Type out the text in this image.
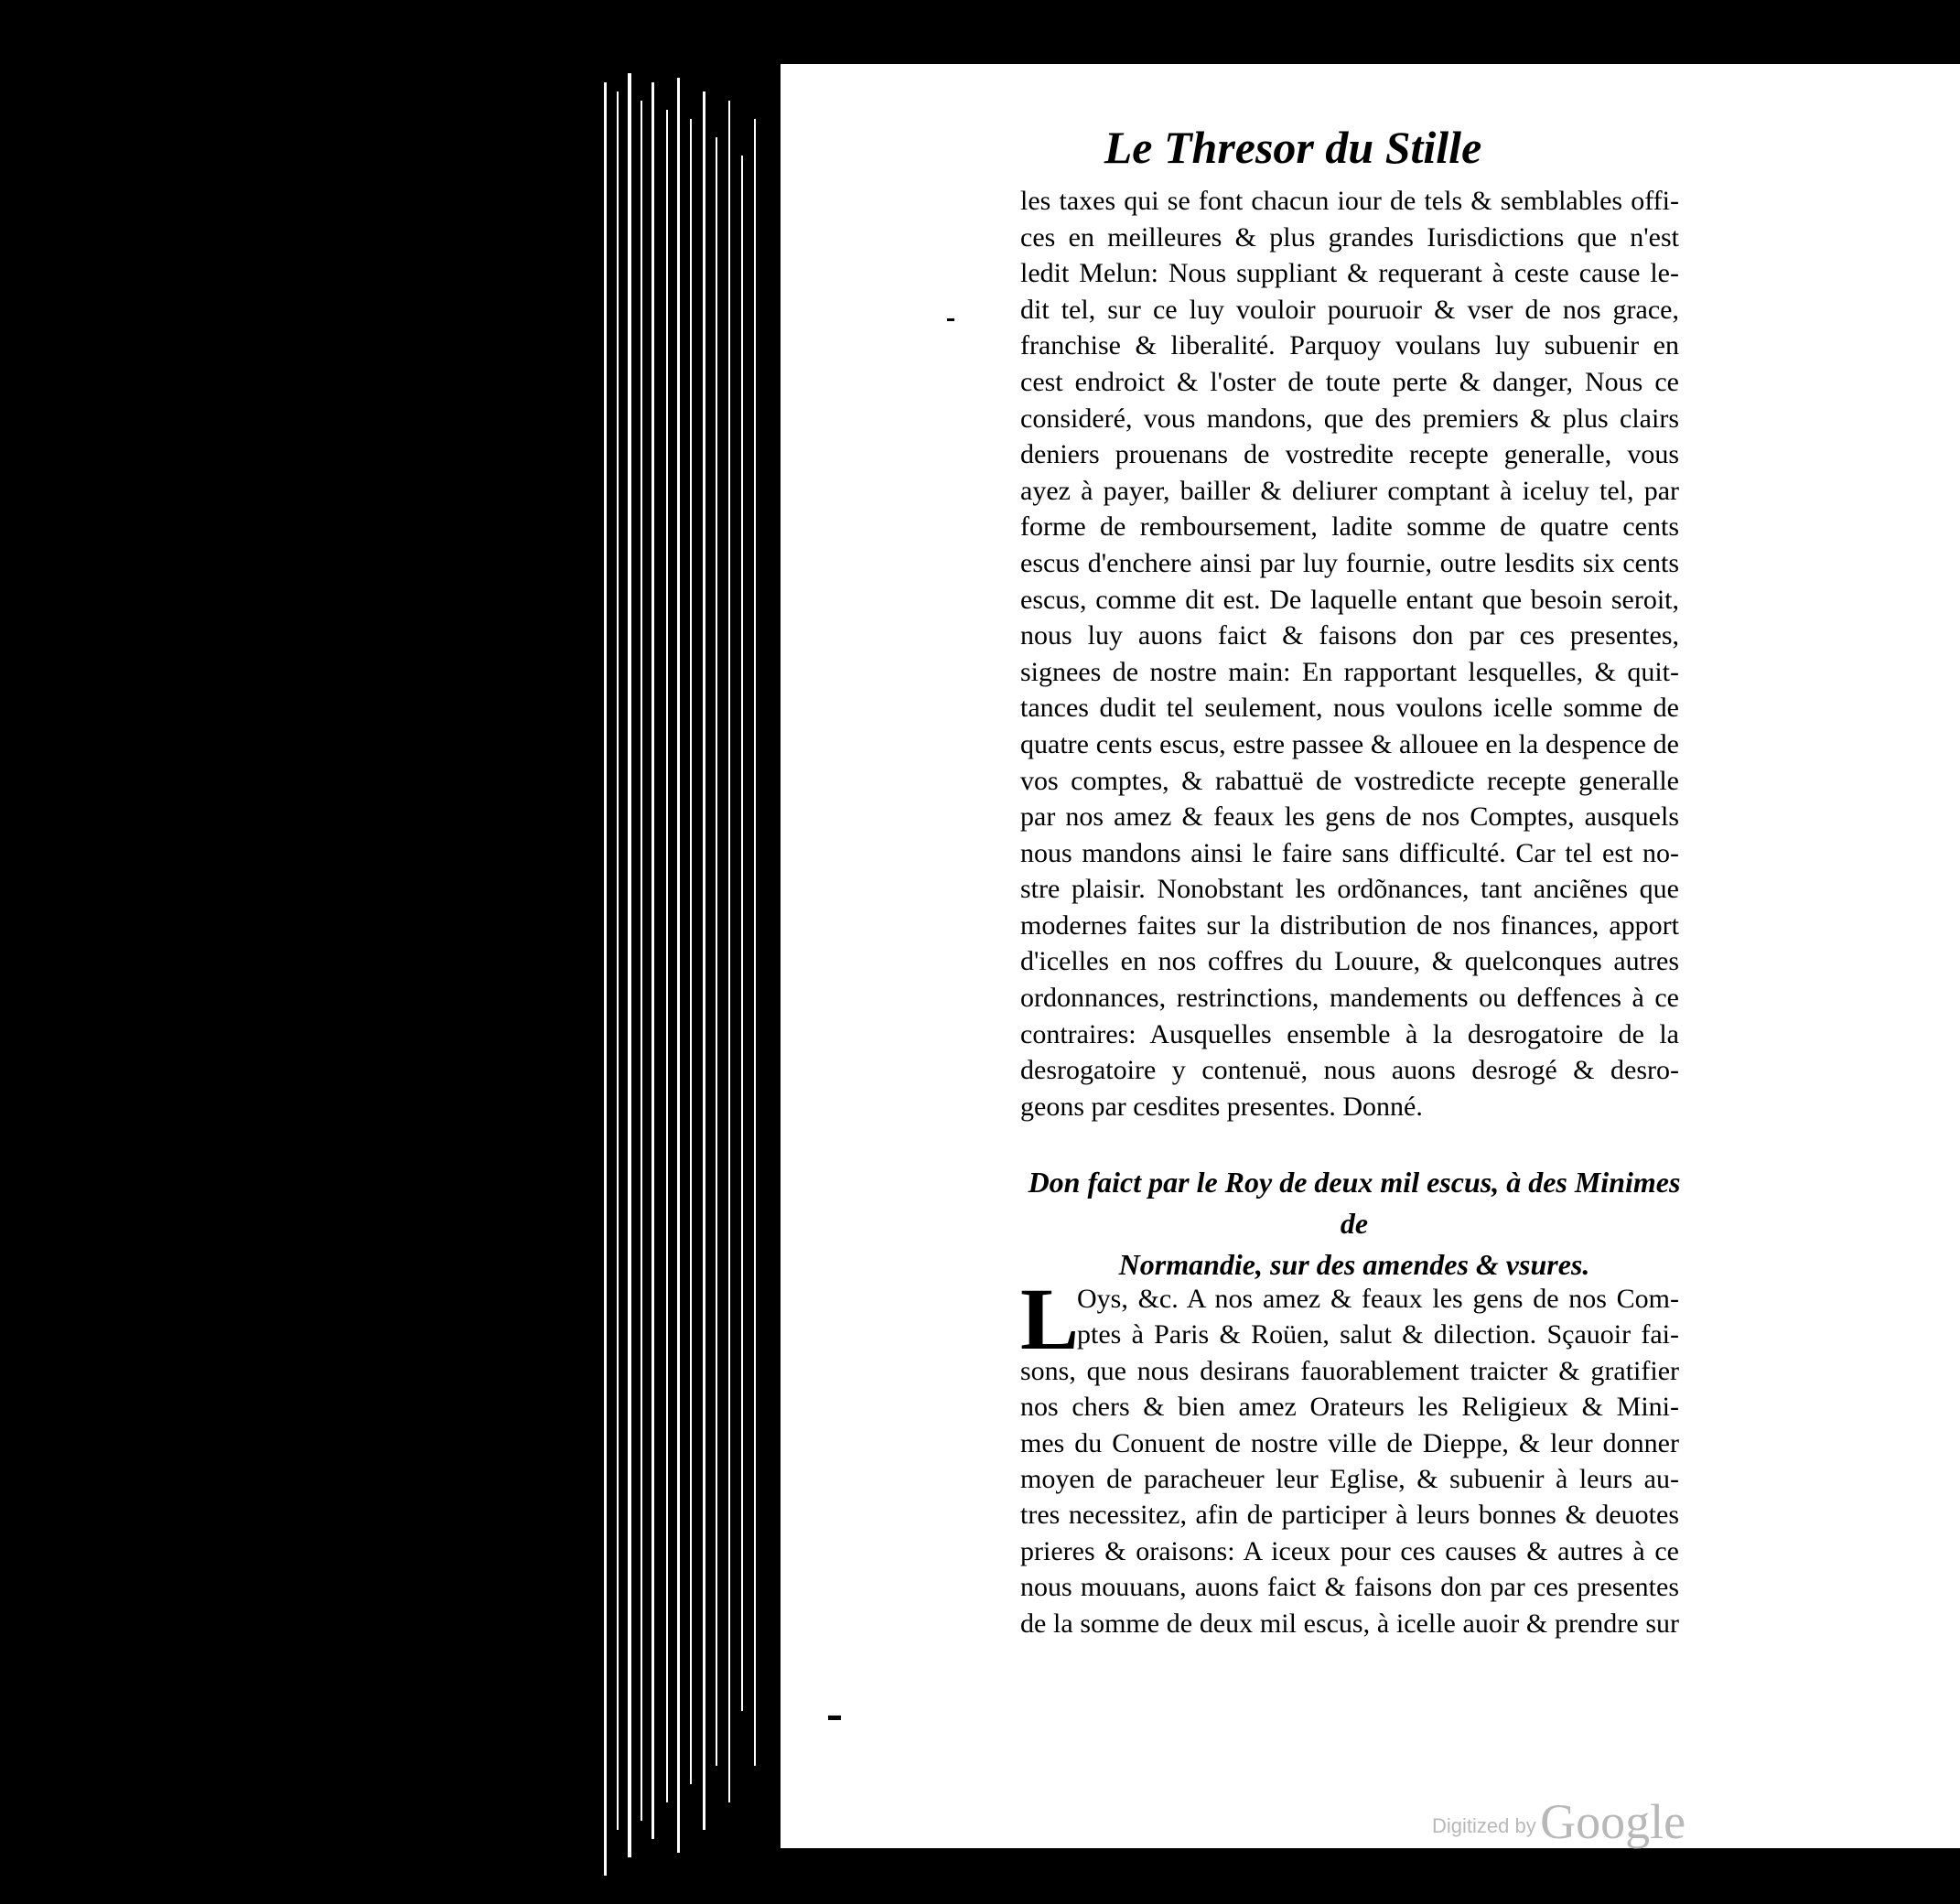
Le Thresor du Stille
les taxes qui se font chacun iour de tels & semblables offi-
ces en meilleures & plus grandes Iurisdictions que n'est
ledit Melun: Nous suppliant & requerant à ceste cause le-
dit tel, sur ce luy vouloir pouruoir & vser de nos grace,
franchise & liberalité. Parquoy voulans luy subuenir en
cest endroict & l'oster de toute perte & danger, Nous ce
consideré, vous mandons, que des premiers & plus clairs
deniers prouenans de vostredite recepte generalle, vous
ayez à payer, bailler & deliurer comptant à iceluy tel, par
forme de remboursement, ladite somme de quatre cents
escus d'enchere ainsi par luy fournie, outre lesdits six cents
escus, comme dit est. De laquelle entant que besoin seroit,
nous luy auons faict & faisons don par ces presentes,
signees de nostre main: En rapportant lesquelles, & quit-
tances dudit tel seulement, nous voulons icelle somme de
quatre cents escus, estre passee & allouee en la despence de
vos comptes, & rabattuë de vostredicte recepte generalle
par nos amez & feaux les gens de nos Comptes, ausquels
nous mandons ainsi le faire sans difficulté. Car tel est no-
stre plaisir. Nonobstant les ordõnances, tant anciẽnes que
modernes faites sur la distribution de nos finances, apport
d'icelles en nos coffres du Louure, & quelconques autres
ordonnances, restrinctions, mandements ou deffences à ce
contraires: Ausquelles ensemble à la desrogatoire de la
desrogatoire y contenuë, nous auons desrogé & desro-
geons par cesdites presentes. Donné.
Don faict par le Roy de deux mil escus, à des Minimes de
Normandie, sur des amendes & vsures.
L
Oys, &c. A nos amez & feaux les gens de nos Com-
ptes à Paris & Roüen, salut & dilection. Sçauoir fai-
sons, que nous desirans fauorablement traicter & gratifier
nos chers & bien amez Orateurs les Religieux & Mini-
mes du Conuent de nostre ville de Dieppe, & leur donner
moyen de paracheuer leur Eglise, & subuenir à leurs au-
tres necessitez, afin de participer à leurs bonnes & deuotes
prieres & oraisons: A iceux pour ces causes & autres à ce
nous mouuans, auons faict & faisons don par ces presentes
de la somme de deux mil escus, à icelle auoir & prendre sur
Digitized by Google
